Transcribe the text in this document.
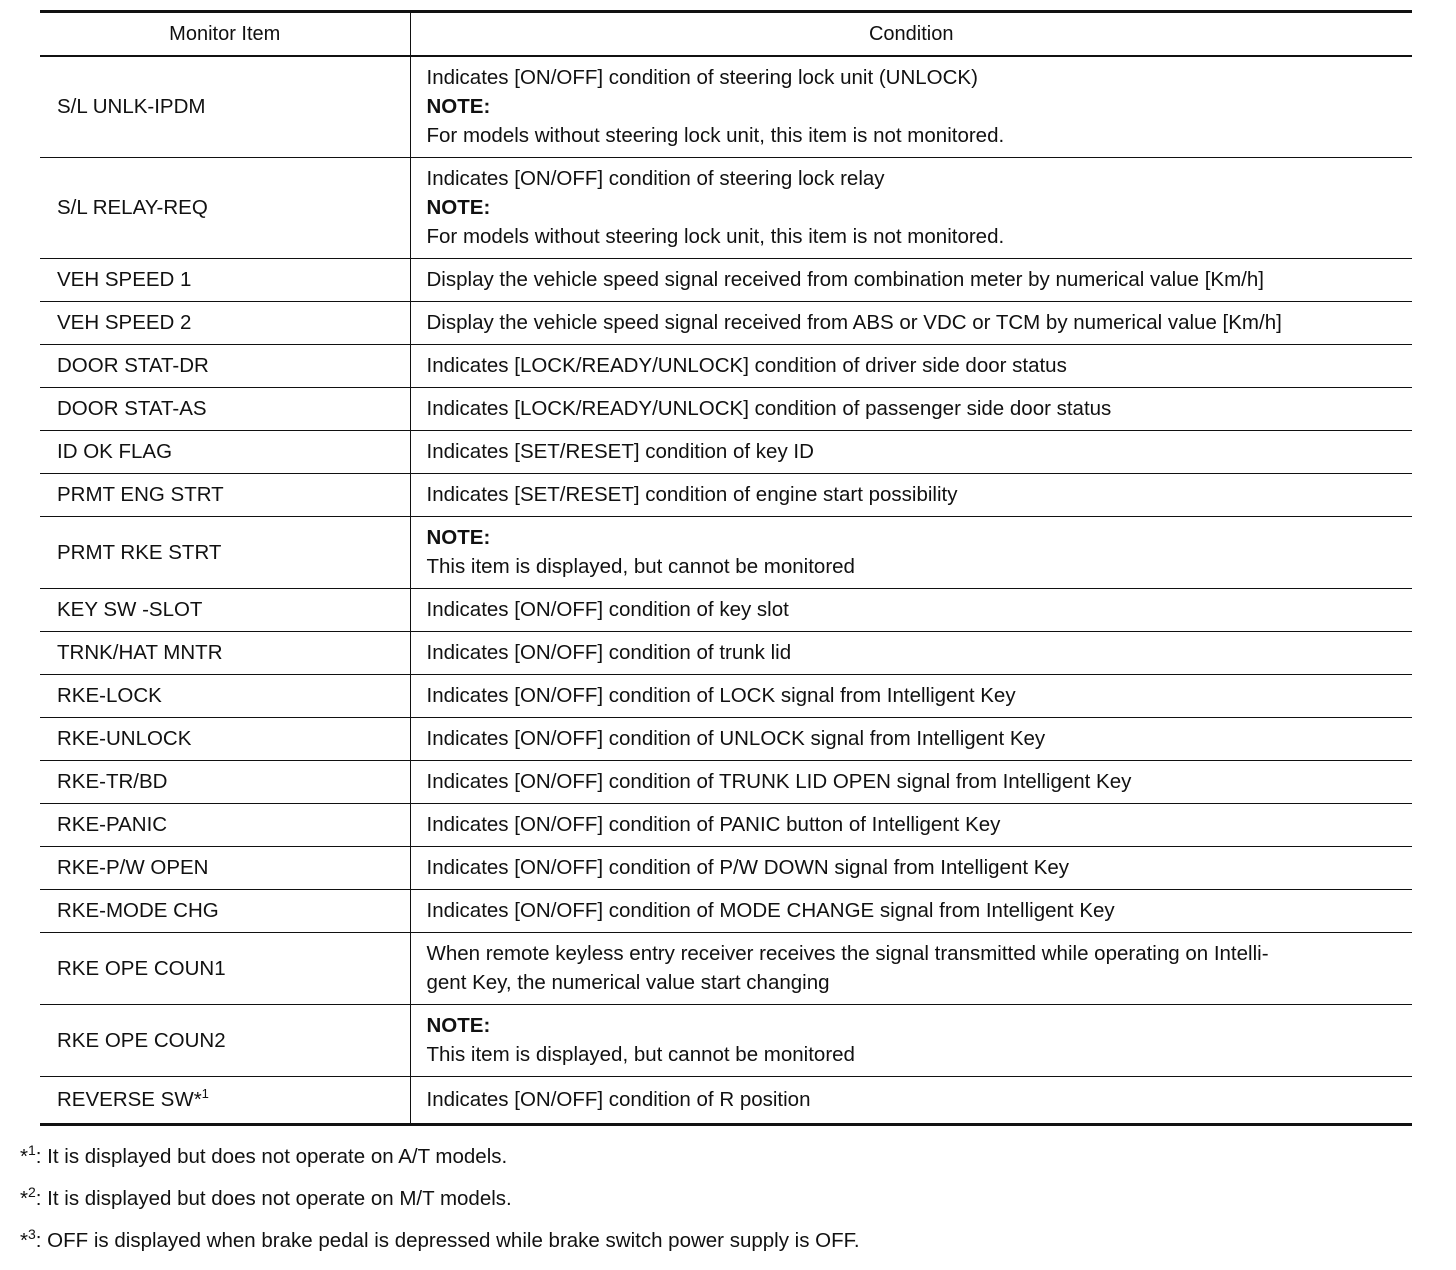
Monitor Item	Condition
S/L UNLK-IPDM	Indicates [ON/OFF] condition of steering lock unit (UNLOCK)
NOTE:
For models without steering lock unit, this item is not monitored.

S/L RELAY-REQ	Indicates [ON/OFF] condition of steering lock relay
NOTE:
For models without steering lock unit, this item is not monitored.

VEH SPEED 1	Display the vehicle speed signal received from combination meter by numerical value [Km/h]

VEH SPEED 2	Display the vehicle speed signal received from ABS or VDC or TCM by numerical value [Km/h]

DOOR STAT-DR	Indicates [LOCK/READY/UNLOCK] condition of driver side door status

DOOR STAT-AS	Indicates [LOCK/READY/UNLOCK] condition of passenger side door status

ID OK FLAG	Indicates [SET/RESET] condition of key ID

PRMT ENG STRT	Indicates [SET/RESET] condition of engine start possibility

PRMT RKE STRT	NOTE:
This item is displayed, but cannot be monitored

KEY SW -SLOT	Indicates [ON/OFF] condition of key slot

TRNK/HAT MNTR	Indicates [ON/OFF] condition of trunk lid

RKE-LOCK	Indicates [ON/OFF] condition of LOCK signal from Intelligent Key

RKE-UNLOCK	Indicates [ON/OFF] condition of UNLOCK signal from Intelligent Key

RKE-TR/BD	Indicates [ON/OFF] condition of TRUNK LID OPEN signal from Intelligent Key

RKE-PANIC	Indicates [ON/OFF] condition of PANIC button of Intelligent Key

RKE-P/W OPEN	Indicates [ON/OFF] condition of P/W DOWN signal from Intelligent Key

RKE-MODE CHG	Indicates [ON/OFF] condition of MODE CHANGE signal from Intelligent Key

RKE OPE COUN1	When remote keyless entry receiver receives the signal transmitted while operating on Intelli-
gent Key, the numerical value start changing

RKE OPE COUN2	NOTE:
This item is displayed, but cannot be monitored

REVERSE SW*$^1$	Indicates [ON/OFF] condition of R position
*$^1$: It is displayed but does not operate on A/T models.
*$^2$: It is displayed but does not operate on M/T models.
*$^3$: OFF is displayed when brake pedal is depressed while brake switch power supply is OFF.
